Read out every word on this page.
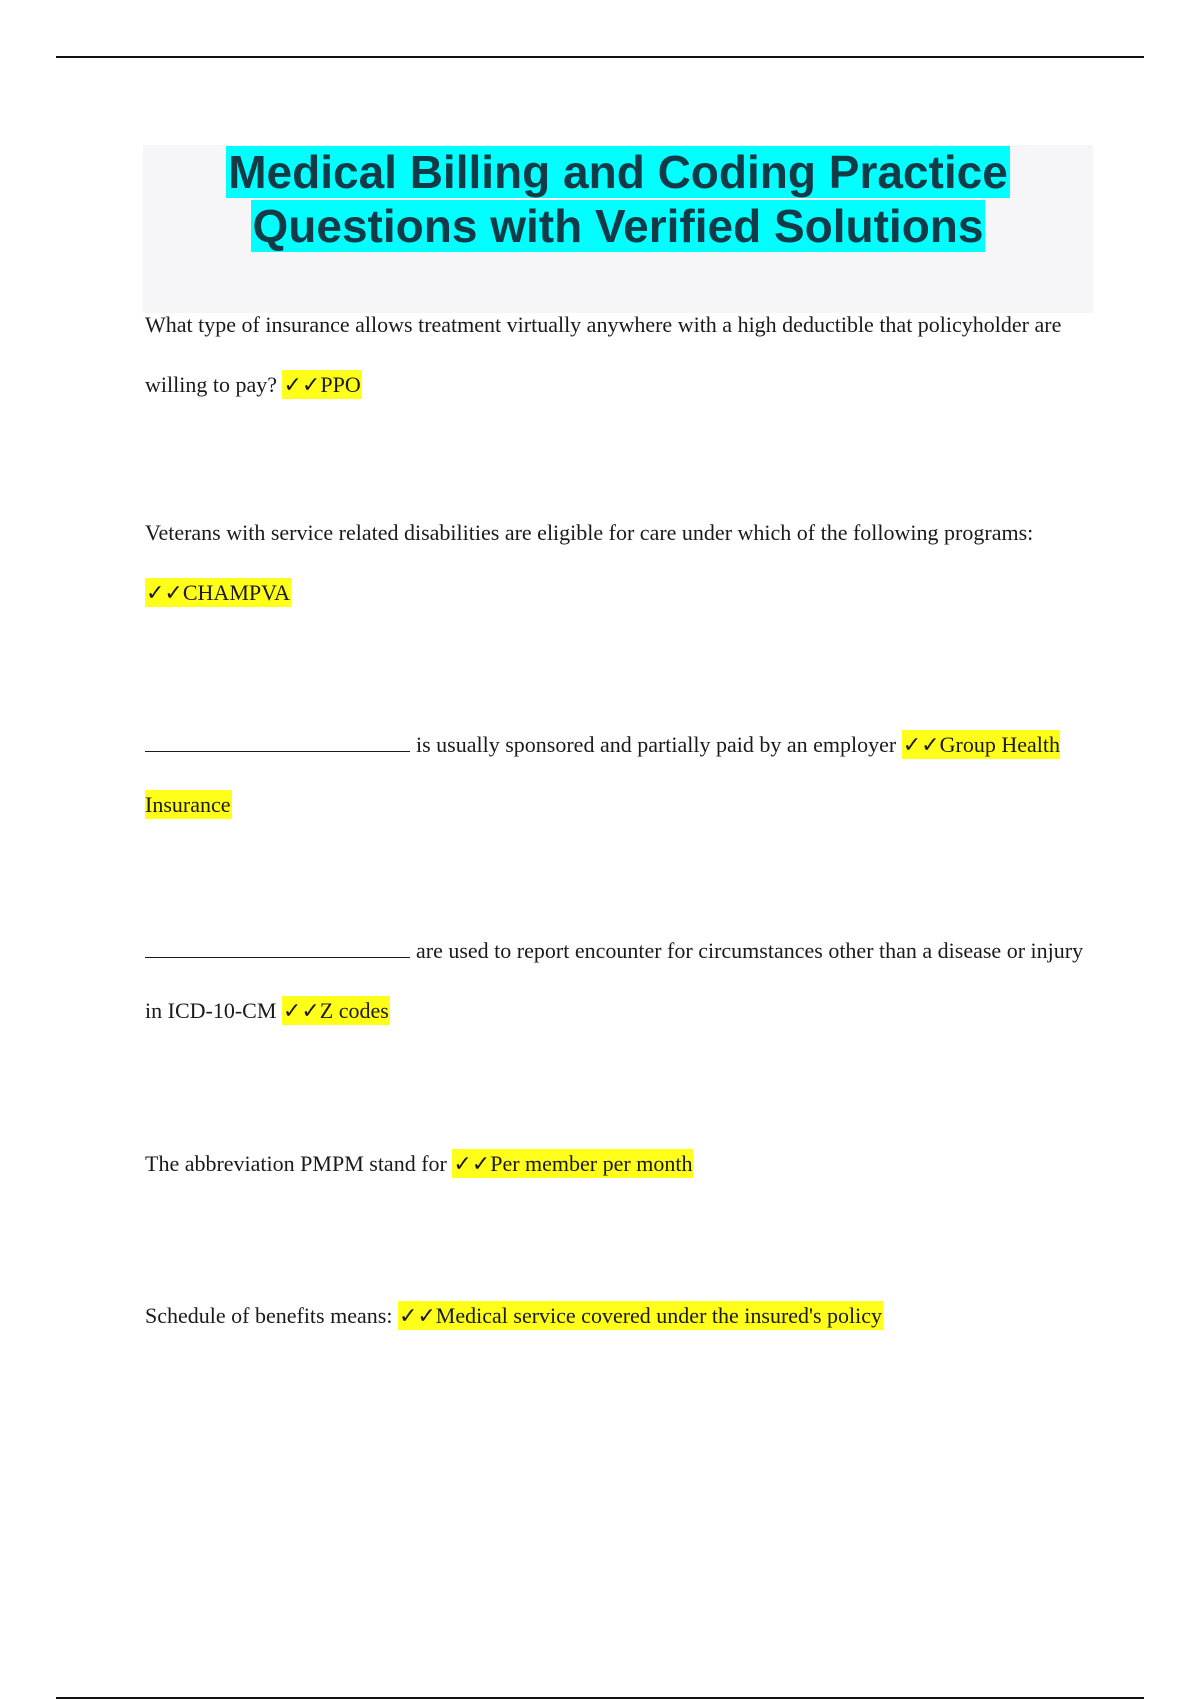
Medical Billing and Coding Practice
Questions with Verified Solutions
What type of insurance allows treatment virtually anywhere with a high deductible that policyholder are willing to pay? ✓✓PPO
Veterans with service related disabilities are eligible for care under which of the following programs: ✓✓CHAMPVA
is usually sponsored and partially paid by an employer ✓✓Group Health Insurance
are used to report encounter for circumstances other than a disease or injury in ICD-10-CM ✓✓Z codes
The abbreviation PMPM stand for ✓✓Per member per month
Schedule of benefits means: ✓✓Medical service covered under the insured's policy
